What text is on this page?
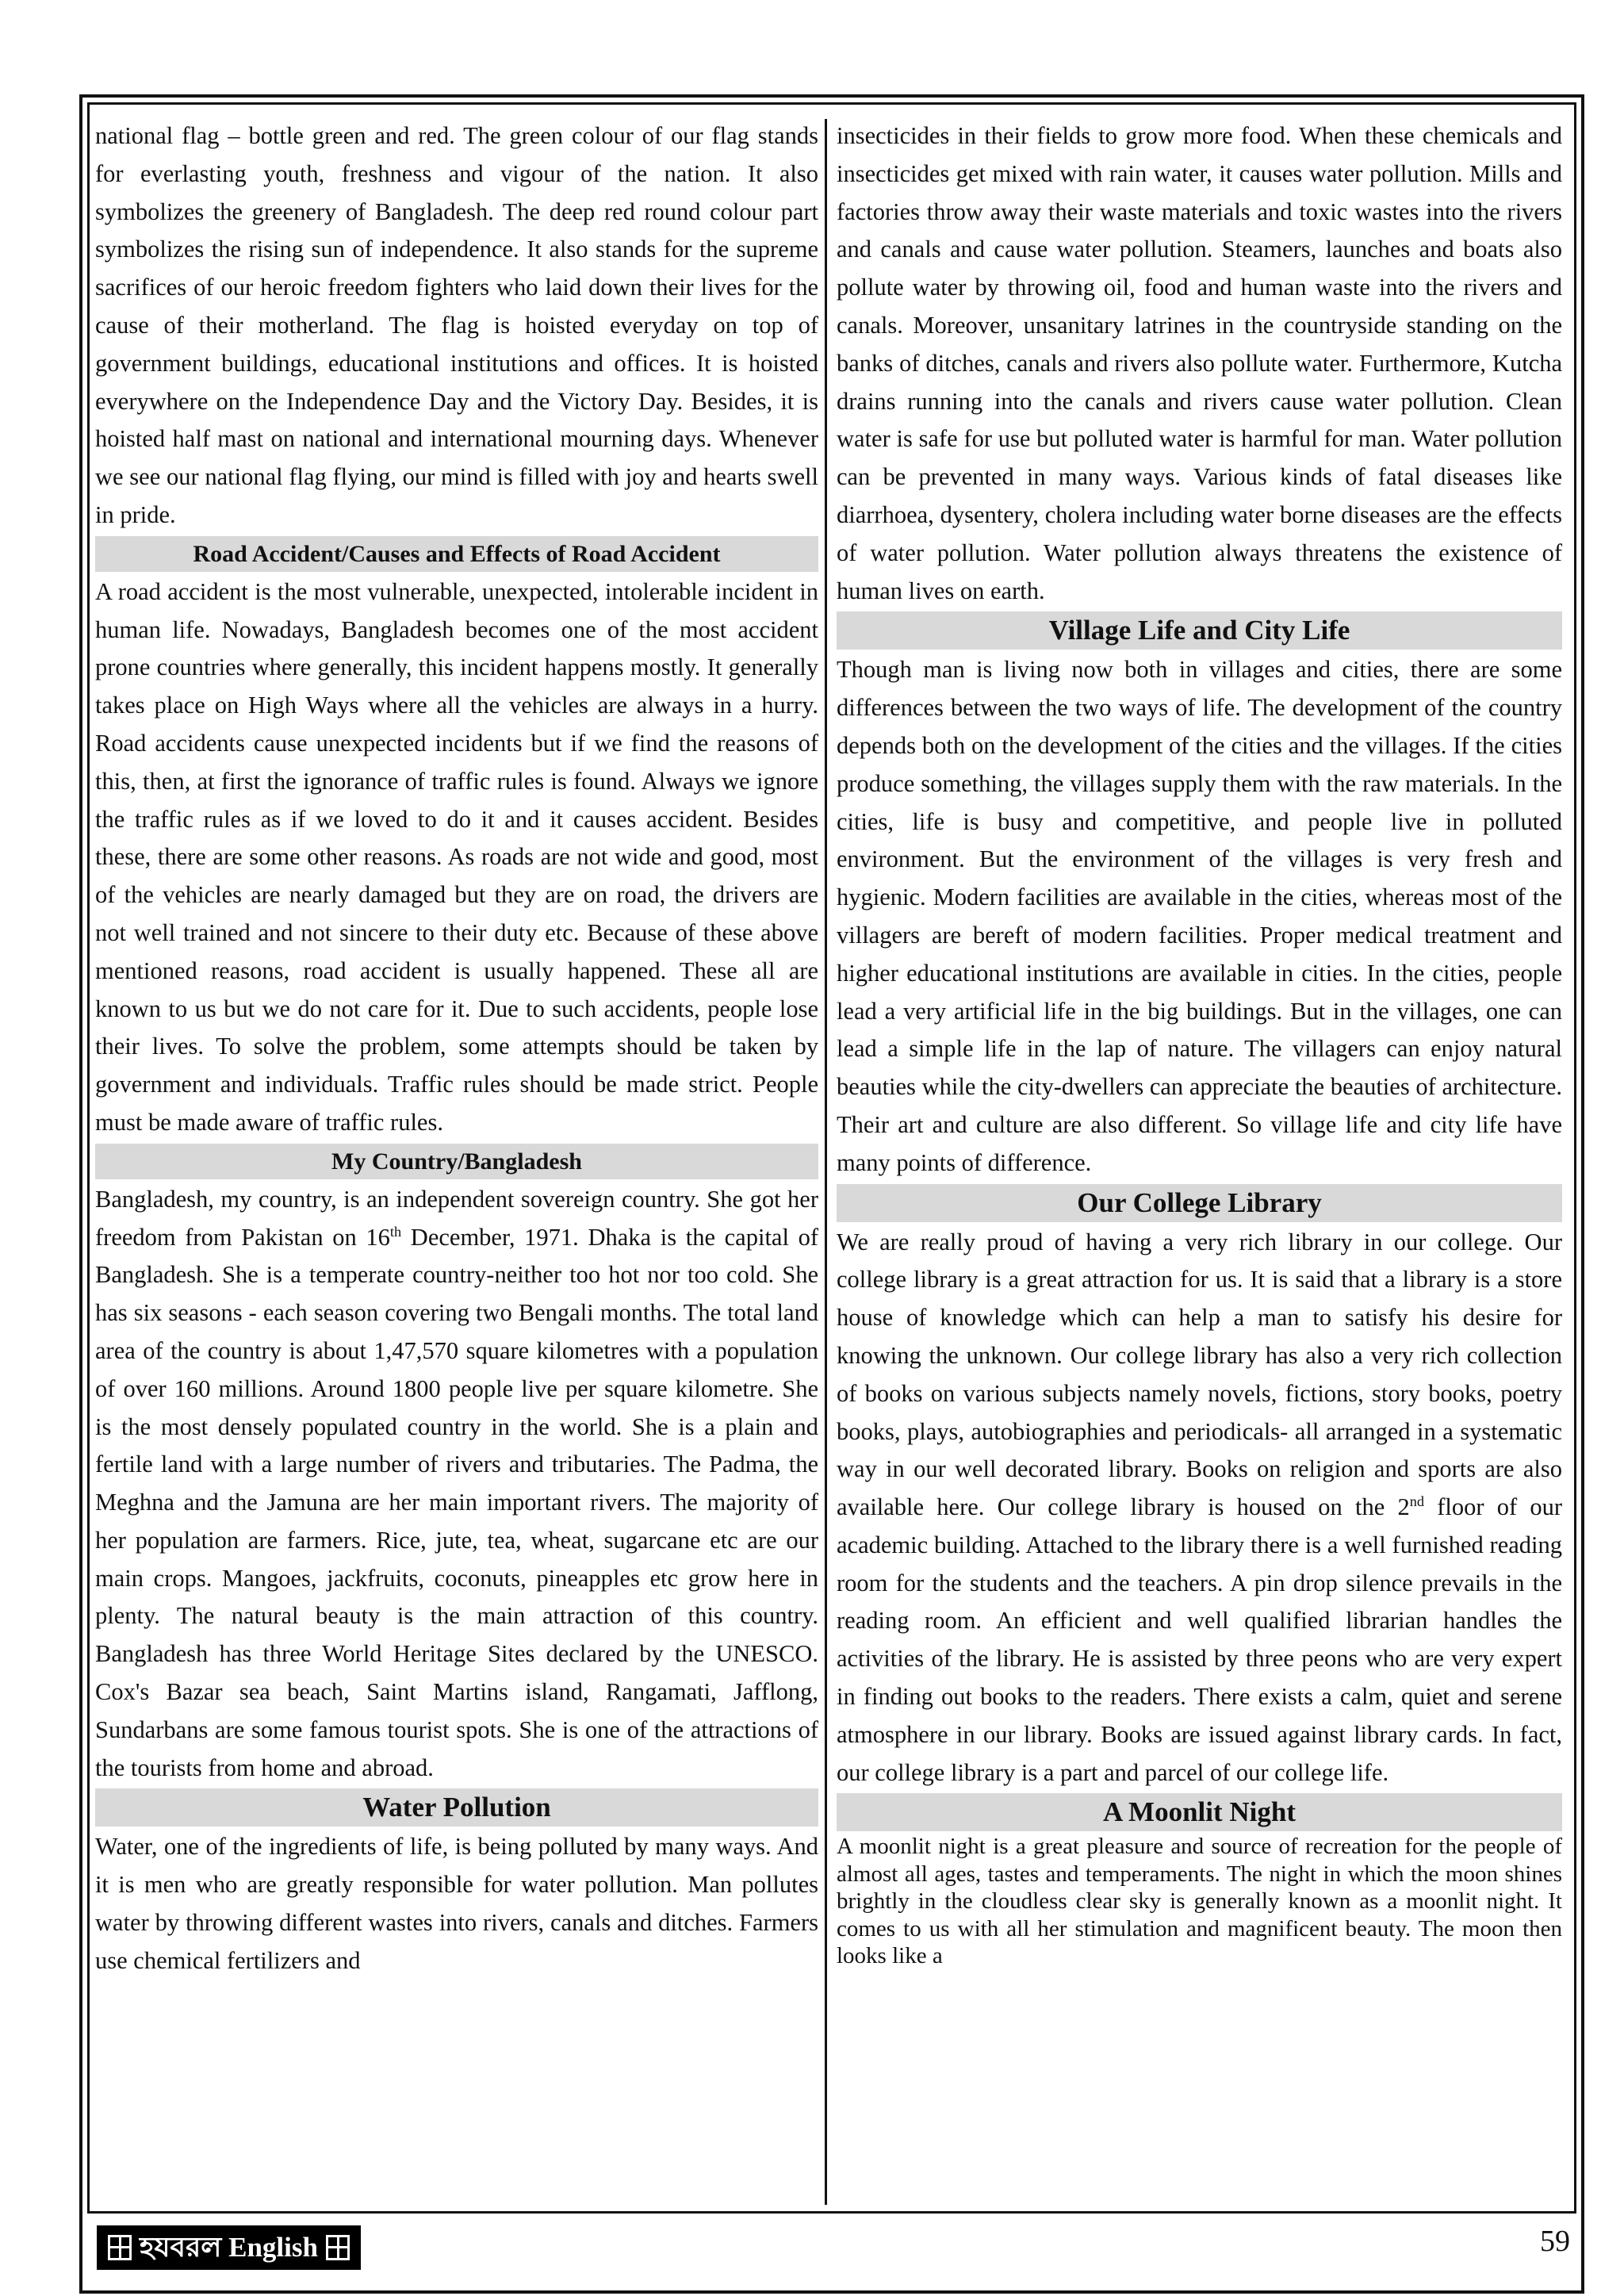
national flag – bottle green and red. The green colour of our flag stands for everlasting youth, freshness and vigour of the nation. It also symbolizes the greenery of Bangladesh. The deep red round colour part symbolizes the rising sun of independence. It also stands for the supreme sacrifices of our heroic freedom fighters who laid down their lives for the cause of their motherland. The flag is hoisted everyday on top of government buildings, educational institutions and offices. It is hoisted everywhere on the Independence Day and the Victory Day. Besides, it is hoisted half mast on national and international mourning days. Whenever we see our national flag flying, our mind is filled with joy and hearts swell in pride.

Road Accident/Causes and Effects of Road Accident

A road accident is the most vulnerable, unexpected, intolerable incident in human life. Nowadays, Bangladesh becomes one of the most accident prone countries where generally, this incident happens mostly. It generally takes place on High Ways where all the vehicles are always in a hurry. Road accidents cause unexpected incidents but if we find the reasons of this, then, at first the ignorance of traffic rules is found. Always we ignore the traffic rules as if we loved to do it and it causes accident. Besides these, there are some other reasons. As roads are not wide and good, most of the vehicles are nearly damaged but they are on road, the drivers are not well trained and not sincere to their duty etc. Because of these above mentioned reasons, road accident is usually happened. These all are known to us but we do not care for it. Due to such accidents, people lose their lives. To solve the problem, some attempts should be taken by government and individuals. Traffic rules should be made strict. People must be made aware of traffic rules.

My Country/Bangladesh

Bangladesh, my country, is an independent sovereign country. She got her freedom from Pakistan on 16th December, 1971. Dhaka is the capital of Bangladesh. She is a temperate country-neither too hot nor too cold. She has six seasons - each season covering two Bengali months. The total land area of the country is about 1,47,570 square kilometres with a population of over 160 millions. Around 1800 people live per square kilometre. She is the most densely populated country in the world. She is a plain and fertile land with a large number of rivers and tributaries. The Padma, the Meghna and the Jamuna are her main important rivers. The majority of her population are farmers. Rice, jute, tea, wheat, sugarcane etc are our main crops. Mangoes, jackfruits, coconuts, pineapples etc grow here in plenty. The natural beauty is the main attraction of this country. Bangladesh has three World Heritage Sites declared by the UNESCO. Cox's Bazar sea beach, Saint Martins island, Rangamati, Jafflong, Sundarbans are some famous tourist spots. She is one of the attractions of the tourists from home and abroad.

Water Pollution

Water, one of the ingredients of life, is being polluted by many ways. And it is men who are greatly responsible for water pollution. Man pollutes water by throwing different wastes into rivers, canals and ditches. Farmers use chemical fertilizers and

insecticides in their fields to grow more food. When these chemicals and insecticides get mixed with rain water, it causes water pollution. Mills and factories throw away their waste materials and toxic wastes into the rivers and canals and cause water pollution. Steamers, launches and boats also pollute water by throwing oil, food and human waste into the rivers and canals. Moreover, unsanitary latrines in the countryside standing on the banks of ditches, canals and rivers also pollute water. Furthermore, Kutcha drains running into the canals and rivers cause water pollution. Clean water is safe for use but polluted water is harmful for man. Water pollution can be prevented in many ways. Various kinds of fatal diseases like diarrhoea, dysentery, cholera including water borne diseases are the effects of water pollution. Water pollution always threatens the existence of human lives on earth.

Village Life and City Life

Though man is living now both in villages and cities, there are some differences between the two ways of life. The development of the country depends both on the development of the cities and the villages. If the cities produce something, the villages supply them with the raw materials. In the cities, life is busy and competitive, and people live in polluted environment. But the environment of the villages is very fresh and hygienic. Modern facilities are available in the cities, whereas most of the villagers are bereft of modern facilities. Proper medical treatment and higher educational institutions are available in cities. In the cities, people lead a very artificial life in the big buildings. But in the villages, one can lead a simple life in the lap of nature. The villagers can enjoy natural beauties while the city-dwellers can appreciate the beauties of architecture. Their art and culture are also different. So village life and city life have many points of difference.

Our College Library

We are really proud of having a very rich library in our college. Our college library is a great attraction for us. It is said that a library is a store house of knowledge which can help a man to satisfy his desire for knowing the unknown. Our college library has also a very rich collection of books on various subjects namely novels, fictions, story books, poetry books, plays, autobiographies and periodicals- all arranged in a systematic way in our well decorated library. Books on religion and sports are also available here. Our college library is housed on the 2nd floor of our academic building. Attached to the library there is a well furnished reading room for the students and the teachers. A pin drop silence prevails in the reading room. An efficient and well qualified librarian handles the activities of the library. He is assisted by three peons who are very expert in finding out books to the readers. There exists a calm, quiet and serene atmosphere in our library. Books are issued against library cards. In fact, our college library is a part and parcel of our college life.

A Moonlit Night

A moonlit night is a great pleasure and source of recreation for the people of almost all ages, tastes and temperaments. The night in which the moon shines brightly in the cloudless clear sky is generally known as a moonlit night. It comes to us with all her stimulation and magnificent beauty. The moon then looks like a

হযবরল English	59
